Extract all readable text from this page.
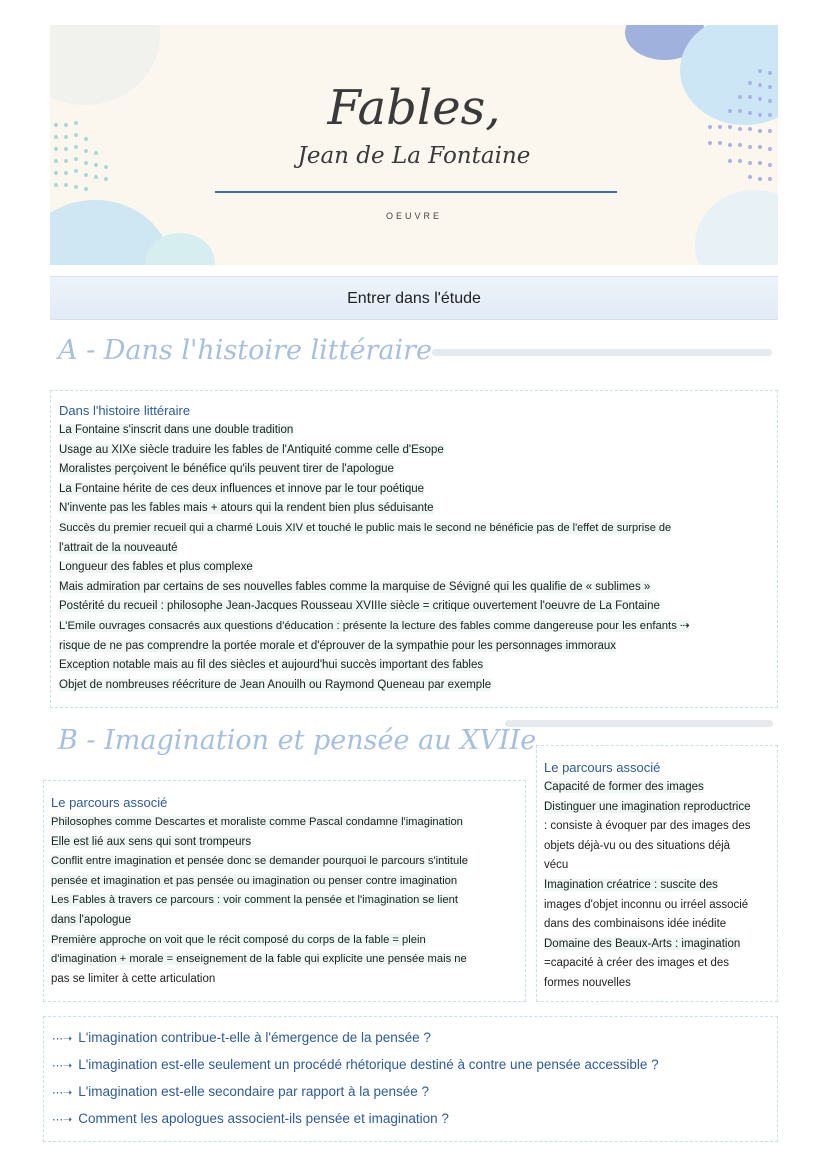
Fables,
Jean de La Fontaine
OEUVRE
Entrer dans l'étude
A - Dans l'histoire littéraire
Dans l'histoire littéraire
La Fontaine s'inscrit dans une double tradition
Usage au XIXe siècle traduire les fables de l'Antiquité comme celle d'Esope
Moralistes perçoivent le bénéfice qu'ils peuvent tirer de l'apologue
La Fontaine hérite de ces deux influences et innove par le tour poétique
N'invente pas les fables mais + atours qui la rendent bien plus séduisante
Succès du premier recueil qui a charmé Louis XIV et touché le public mais le second ne bénéficie pas de l'effet de surprise de
l'attrait de la nouveauté
Longueur des fables et plus complexe
Mais admiration par certains de ses nouvelles fables comme la marquise de Sévigné qui les qualifie de « sublimes »
Postérité du recueil : philosophe Jean-Jacques Rousseau XVIIIe siècle = critique ouvertement l'oeuvre de La Fontaine
L'Emile ouvrages consacrés aux questions d'éducation : présente la lecture des fables comme dangereuse pour les enfants ⇢
risque de ne pas comprendre la portée morale et d'éprouver de la sympathie pour les personnages immoraux
Exception notable mais au fil des siècles et aujourd'hui succès important des fables
Objet de nombreuses réécriture de Jean Anouilh ou Raymond Queneau par exemple
B - Imagination et pensée au XVIIe
Le parcours associé
Philosophes comme Descartes et moraliste comme Pascal condamne l'imagination
Elle est lié aux sens qui sont trompeurs
Conflit entre imagination et pensée donc se demander pourquoi le parcours s'intitule
pensée et imagination et pas pensée ou imagination ou penser contre imagination
Les Fables à travers ce parcours : voir comment la pensée et l'imagination se lient
dans l'apologue
Première approche on voit que le récit composé du corps de la fable = plein
d'imagination + morale = enseignement de la fable qui explicite une pensée mais ne
pas se limiter à cette articulation
Le parcours associé
Capacité de former des images
Distinguer une imagination reproductrice
: consiste à évoquer par des images des
objets déjà-vu ou des situations déjà
vécu
Imagination créatrice : suscite des
images d'objet inconnu ou irréel associé
dans des combinaisons idée inédite
Domaine des Beaux-Arts : imagination
=capacité à créer des images et des
formes nouvelles
⋯➝ L'imagination contribue-t-elle à l'émergence de la pensée ?
⋯➝ L'imagination est-elle seulement un procédé rhétorique destiné à contre une pensée accessible ?
⋯➝ L'imagination est-elle secondaire par rapport à la pensée ?
⋯➝ Comment les apologues associent-ils pensée et imagination ?
